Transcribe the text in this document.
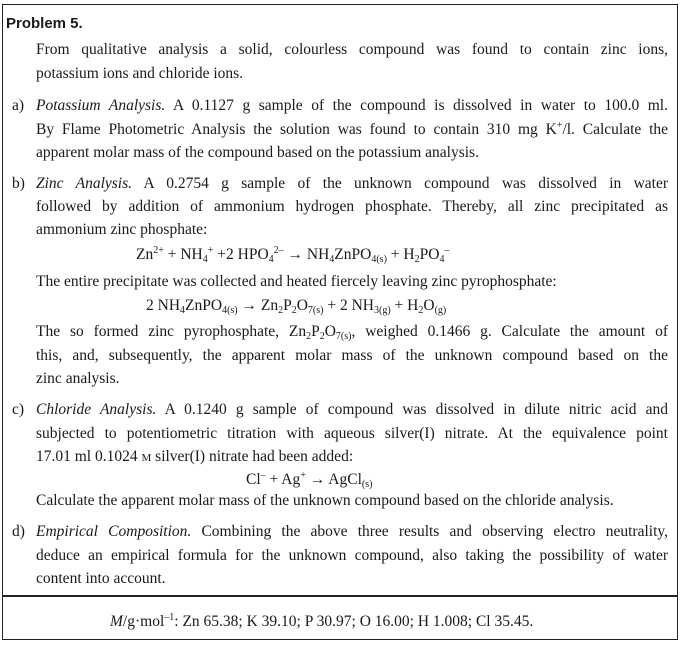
Problem 5.
From qualitative analysis a solid, colourless compound was found to contain zinc ions,
potassium ions and chloride ions.
a) Potassium Analysis. A 0.1127 g sample of the compound is dissolved in water to 100.0 ml.
By Flame Photometric Analysis the solution was found to contain 310 mg K+/l. Calculate the
apparent molar mass of the compound based on the potassium analysis.
b) Zinc Analysis. A 0.2754 g sample of the unknown compound was dissolved in water
followed by addition of ammonium hydrogen phosphate. Thereby, all zinc precipitated as
ammonium zinc phosphate:
$Zn^{2+} + NH_4^+ +2$ $HPO_4^{2-}$ → $NH_4ZnPO_{4(s)} + H_2PO_4^-$
The entire precipitate was collected and heated fiercely leaving zinc pyrophosphate:
2 $NH_4ZnPO_{4(s)} \to Zn_2P_2O_{7(s)} + 2$ $NH_{3(g)} + H_2O_{(g)}$
The so formed zinc pyrophosphate, $Zn_2P_2O_{7(s)}$, weighed 0.1466 g. Calculate the amount of
this, and, subsequently, the apparent molar mass of the unknown compound based on the
zinc analysis.
c) Chloride Analysis. A 0.1240 g sample of compound was dissolved in dilute nitric acid and
subjected to potentiometric titration with aqueous silver(I) nitrate. At the equivalence point
17.01 ml 0.1024 M silver(I) nitrate had been added:
Cl– + Ag+ → AgCl$_{(s)}$
Calculate the apparent molar mass of the unknown compound based on the chloride analysis.
d) Empirical Composition. Combining the above three results and observing electro neutrality,
deduce an empirical formula for the unknown compound, also taking the possibility of water
content into account.
M/g·mol$^{-1}$: Zn 65.38; K 39.10; P 30.97; O 16.00; H 1.008; Cl 35.45.
